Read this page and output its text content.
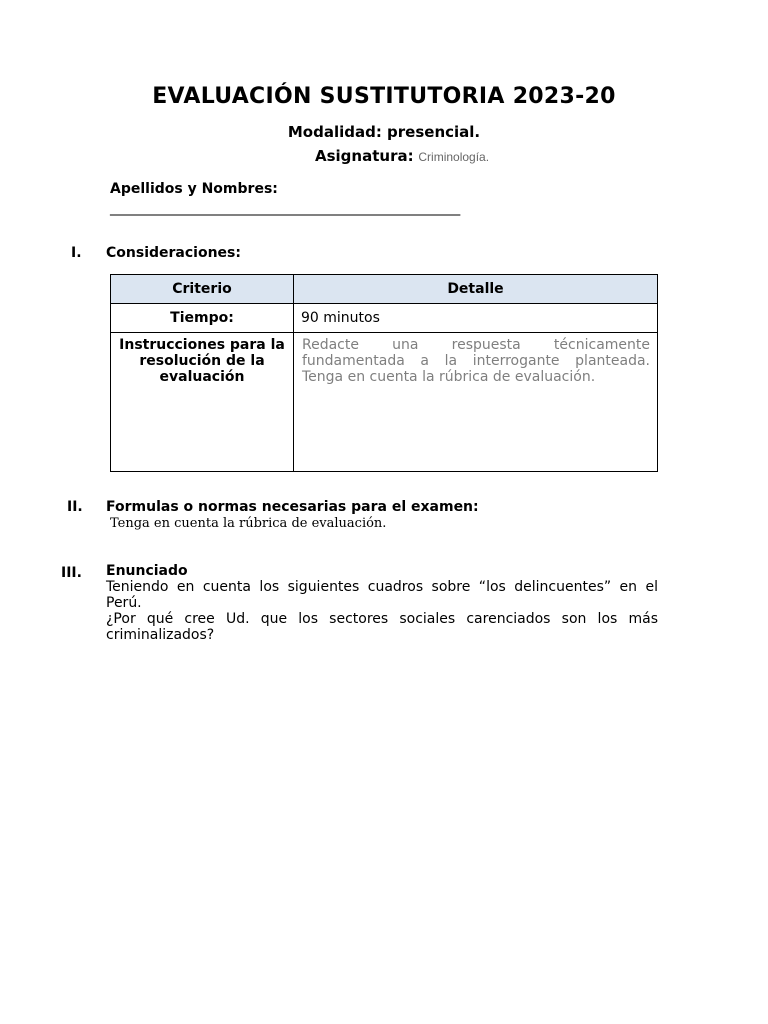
EVALUACIÓN SUSTITUTORIA 2023-20
Modalidad: presencial.
Asignatura: Criminología.
Apellidos y Nombres:
_____________________________________________________
I. Consideraciones:
Criterio	Detalle
Tiempo:	90 minutos
Instrucciones para la resolución de la evaluación	Redacte una respuesta técnicamente fundamentada a la interrogante planteada. Tenga en cuenta la rúbrica de evaluación.
II. Formulas o normas necesarias para el examen:
Tenga en cuenta la rúbrica de evaluación.
III. Enunciado

Teniendo en cuenta los siguientes cuadros sobre “los delincuentes” en el Perú.

¿Por qué cree Ud. que los sectores sociales carenciados son los más criminalizados?
